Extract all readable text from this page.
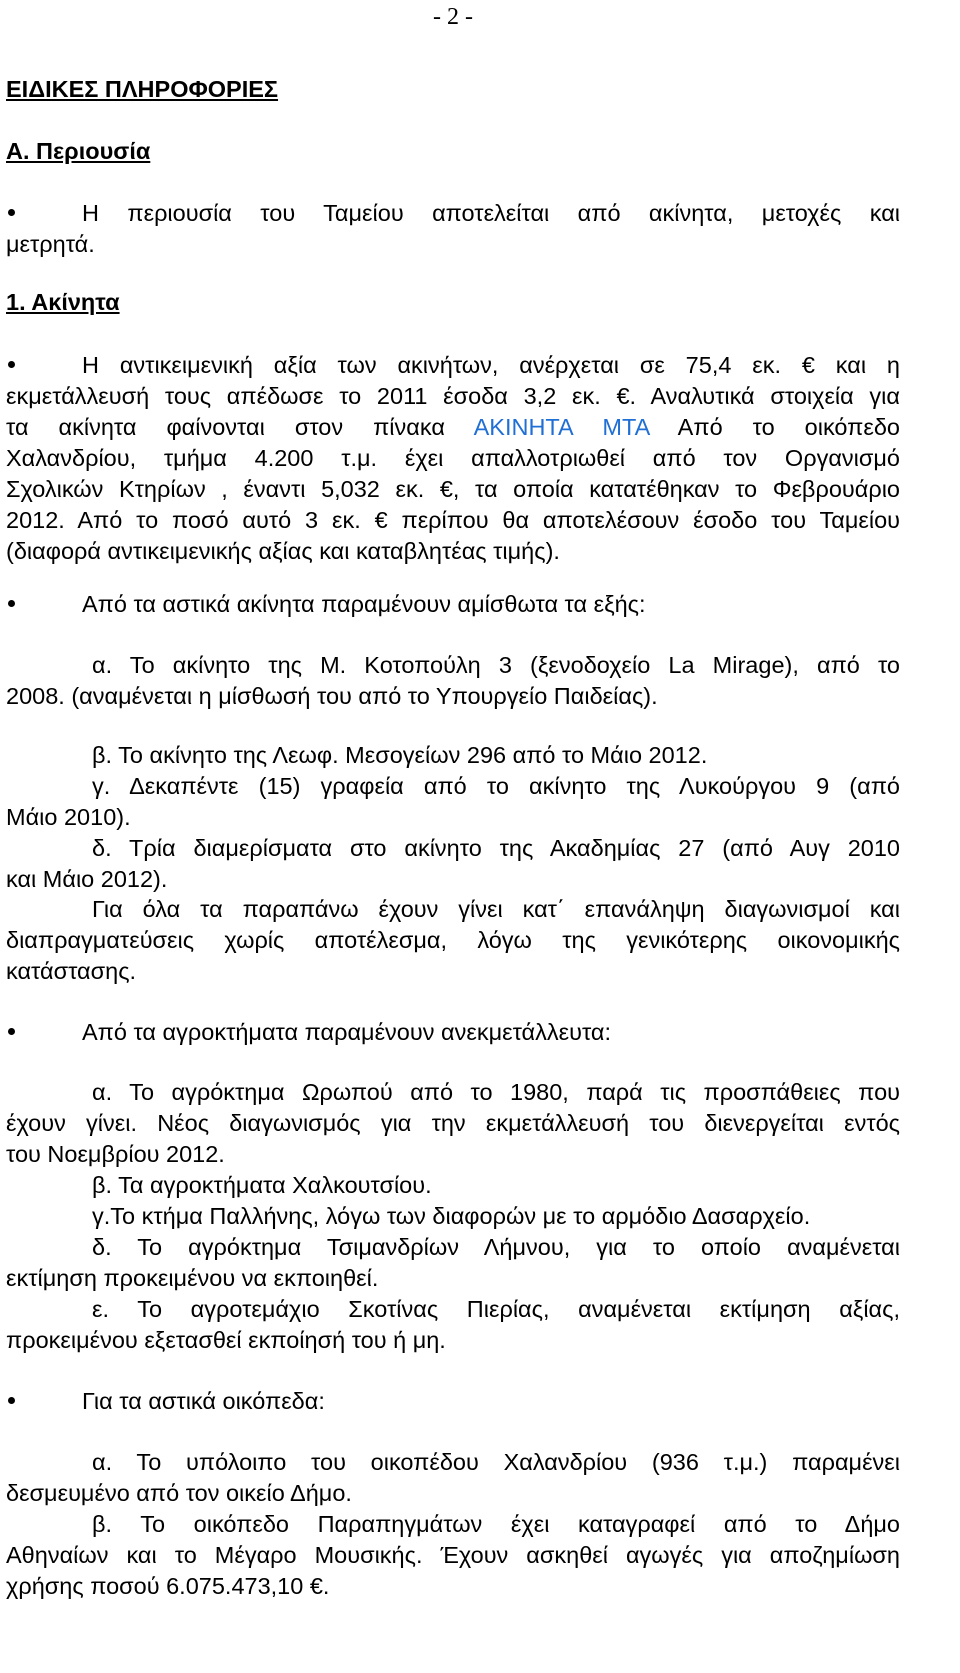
- 2 -
ΕΙΔΙΚΕΣ ΠΛΗΡΟΦΟΡΙΕΣ
Α. Περιουσία
Η περιουσία του Ταμείου αποτελείται από ακίνητα, μετοχές και
μετρητά.
1. Ακίνητα
Η αντικειμενική αξία των ακινήτων, ανέρχεται σε 75,4 εκ. € και η
εκμετάλλευσή τους απέδωσε το 2011 έσοδα 3,2 εκ. €. Αναλυτικά στοιχεία για
τα ακίνητα φαίνονται στον πίνακα ΑΚΙΝΗΤΑ ΜΤΑ Από το οικόπεδο
Χαλανδρίου, τμήμα 4.200 τ.μ. έχει απαλλοτριωθεί από τον Οργανισμό
Σχολικών Κτηρίων , έναντι 5,032 εκ. €, τα οποία κατατέθηκαν το Φεβρουάριο
2012. Από το ποσό αυτό 3 εκ. € περίπου θα αποτελέσουν έσοδο του Ταμείου
(διαφορά αντικειμενικής αξίας και καταβλητέας τιμής).
Από τα αστικά ακίνητα παραμένουν αμίσθωτα τα εξής:
α. Το ακίνητο της Μ. Κοτοπούλη 3 (ξενοδοχείο La Mirage), από το
2008. (αναμένεται η μίσθωσή του από το Υπουργείο Παιδείας).
β. Το ακίνητο της Λεωφ. Μεσογείων 296 από το Μάιο 2012.
γ. Δεκαπέντε (15) γραφεία από το ακίνητο της Λυκούργου 9 (από
Μάιο 2010).
δ. Τρία διαμερίσματα στο ακίνητο της Ακαδημίας 27 (από Αυγ 2010
και Μάιο 2012).
Για όλα τα παραπάνω έχουν γίνει κατ΄ επανάληψη διαγωνισμοί και
διαπραγματεύσεις χωρίς αποτέλεσμα, λόγω της γενικότερης οικονομικής
κατάστασης.
Από τα αγροκτήματα παραμένουν ανεκμετάλλευτα:
α. Το αγρόκτημα Ωρωπού από το 1980, παρά τις προσπάθειες που
έχουν γίνει. Νέος διαγωνισμός για την εκμετάλλευσή του διενεργείται εντός
του Νοεμβρίου 2012.
β. Τα αγροκτήματα Χαλκουτσίου.
γ.Το κτήμα Παλλήνης, λόγω των διαφορών με το αρμόδιο Δασαρχείο.
δ. Το αγρόκτημα Τσιμανδρίων Λήμνου, για το οποίο αναμένεται
εκτίμηση προκειμένου να εκποιηθεί.
ε. Το αγροτεμάχιο Σκοτίνας Πιερίας, αναμένεται εκτίμηση αξίας,
προκειμένου εξετασθεί εκποίησή του ή μη.
Για τα αστικά οικόπεδα:
α. Το υπόλοιπο του οικοπέδου Χαλανδρίου (936 τ.μ.) παραμένει
δεσμευμένο από τον οικείο Δήμο.
β. Το οικόπεδο Παραπηγμάτων έχει καταγραφεί από το Δήμο
Αθηναίων και το Μέγαρο Μουσικής. Έχουν ασκηθεί αγωγές για αποζημίωση
χρήσης ποσού 6.075.473,10 €.
